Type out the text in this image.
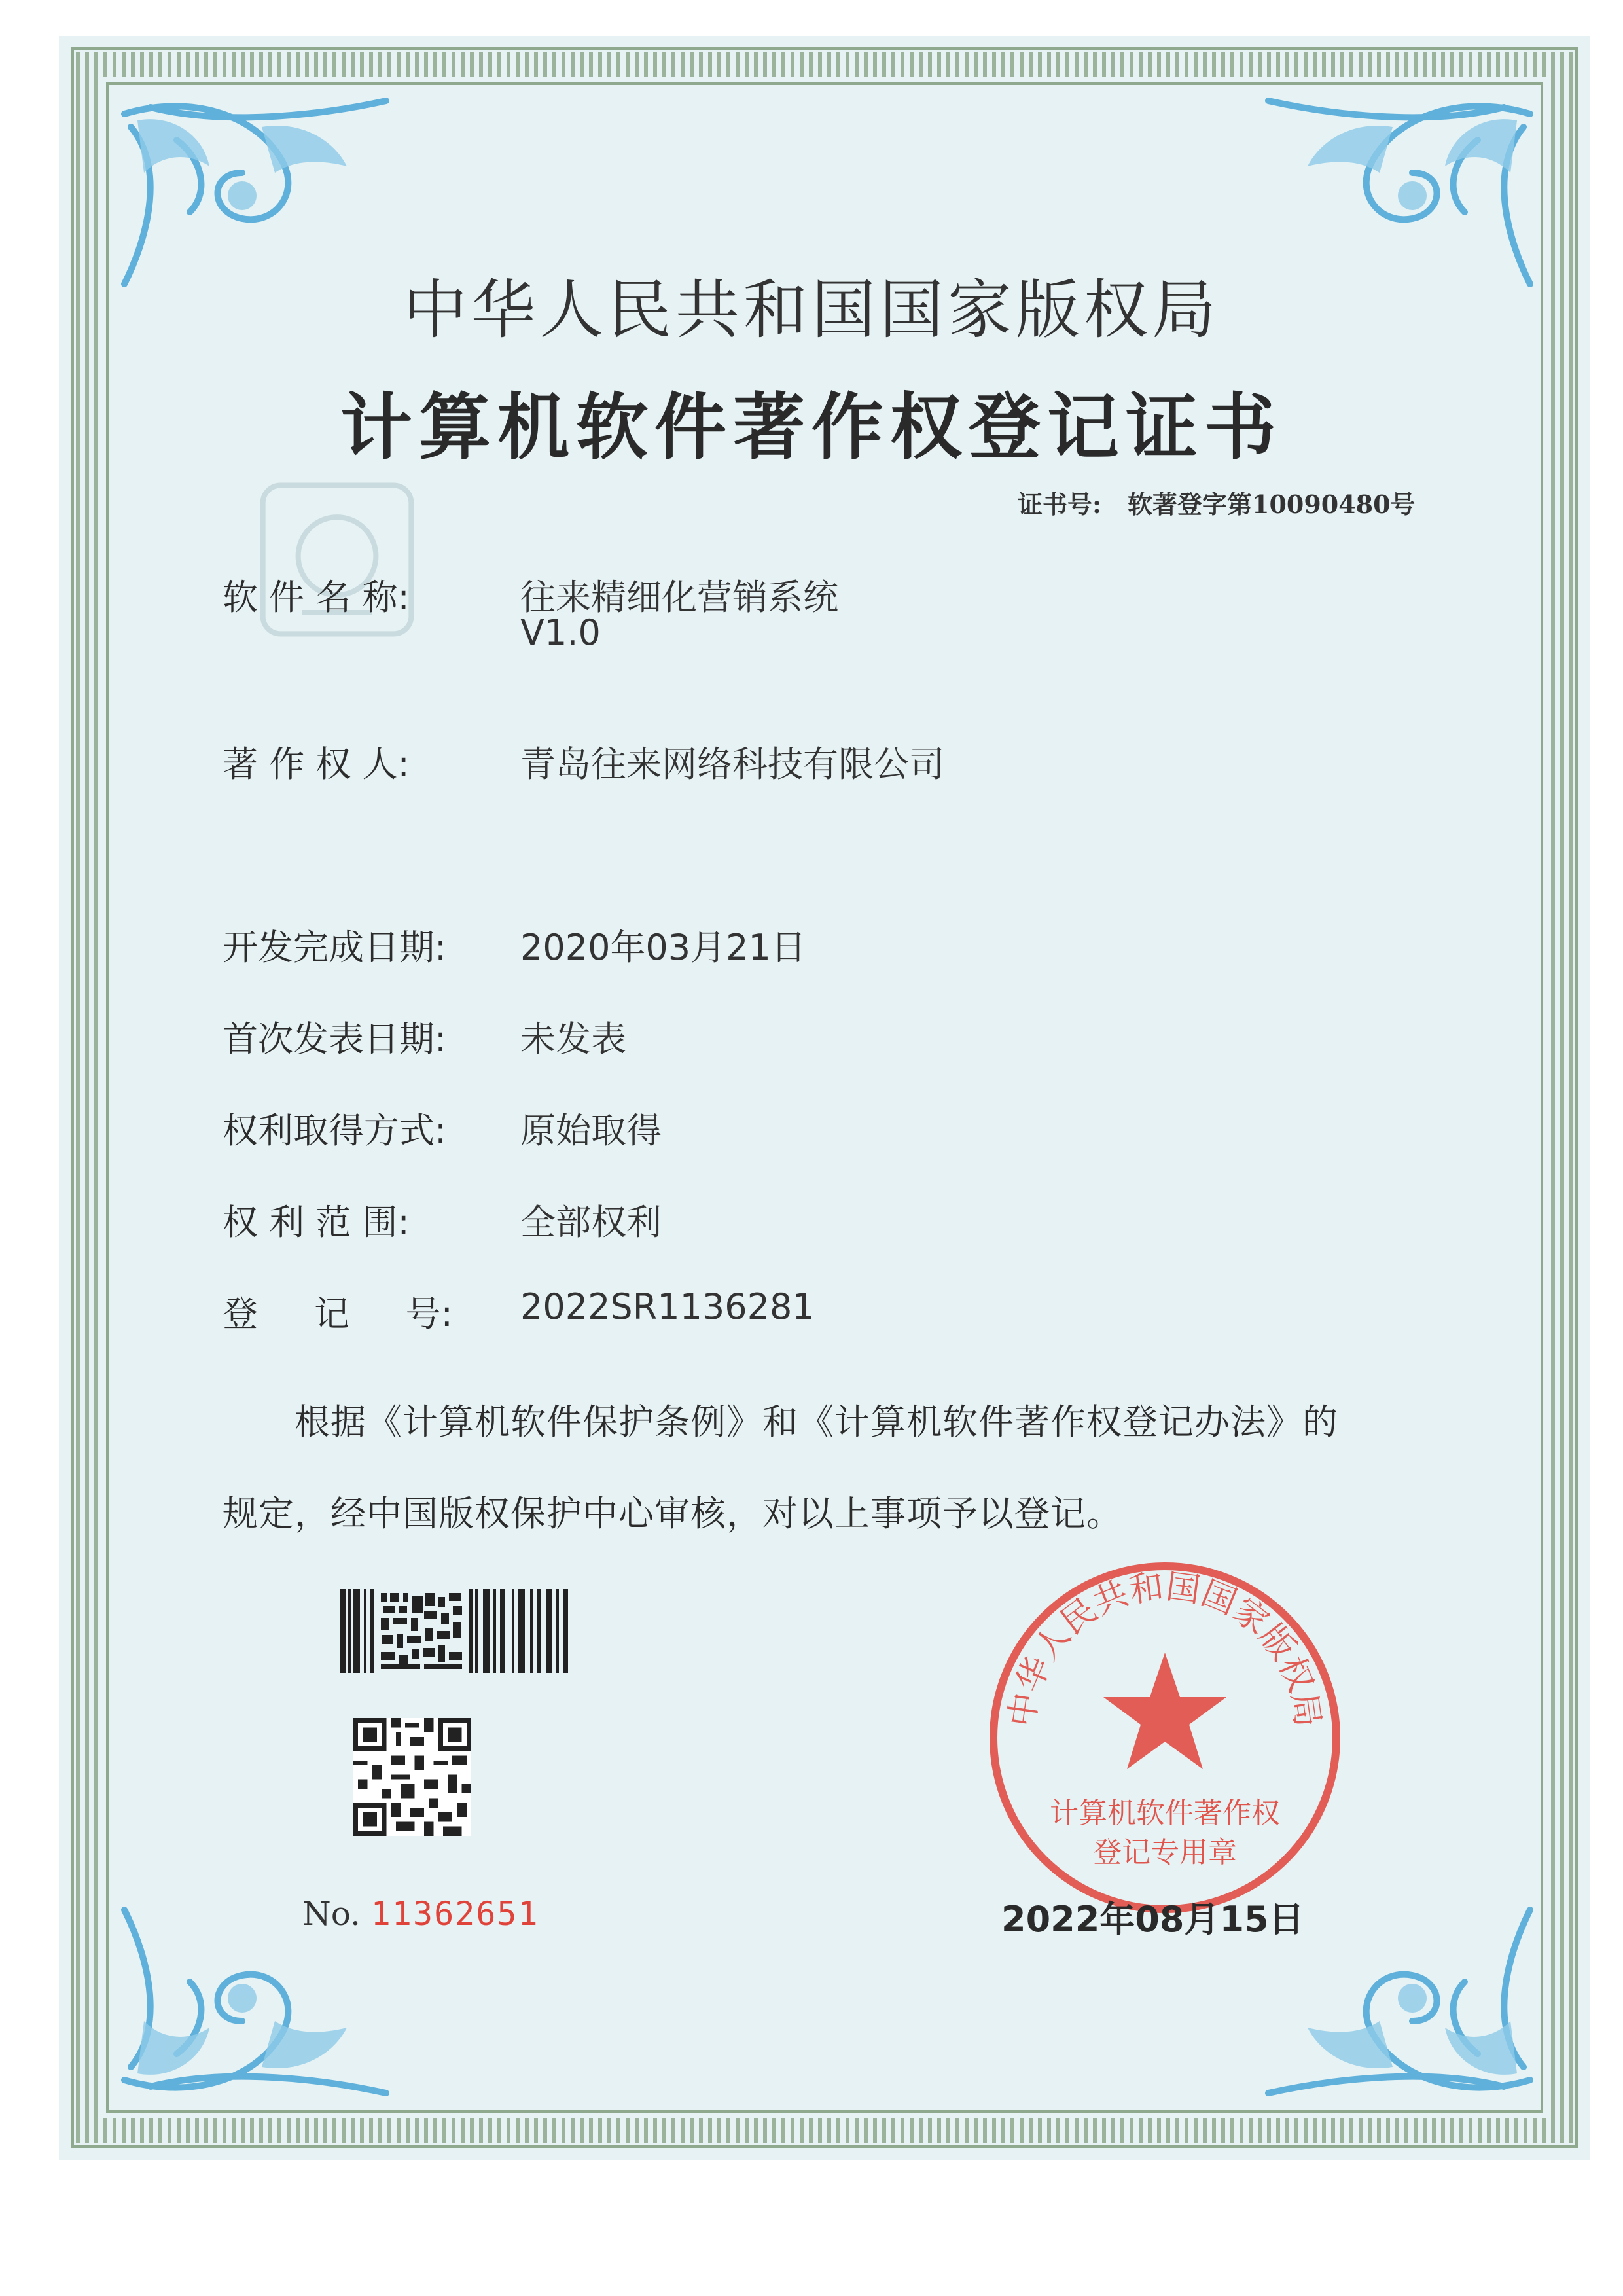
中华人民共和国国家版权局
计算机软件著作权登记证书
证书号: 软著登字第10090480号
软 件 名 称:	往来精细化营销系统
V1.0
著 作 权 人:	青岛往来网络科技有限公司
开发完成日期: 2020年03月21日
首次发表日期: 未发表
权利取得方式: 原始取得
权 利 范 围:	全部权利
登     记     号: 2022SR1136281
根据《计算机软件保护条例》和《计算机软件著作权登记办法》的
规定，经中国版权保护中心审核，对以上事项予以登记。
No. 11362651
中华人民共和国国家版权局
计算机软件著作权
登记专用章
2022年08月15日
